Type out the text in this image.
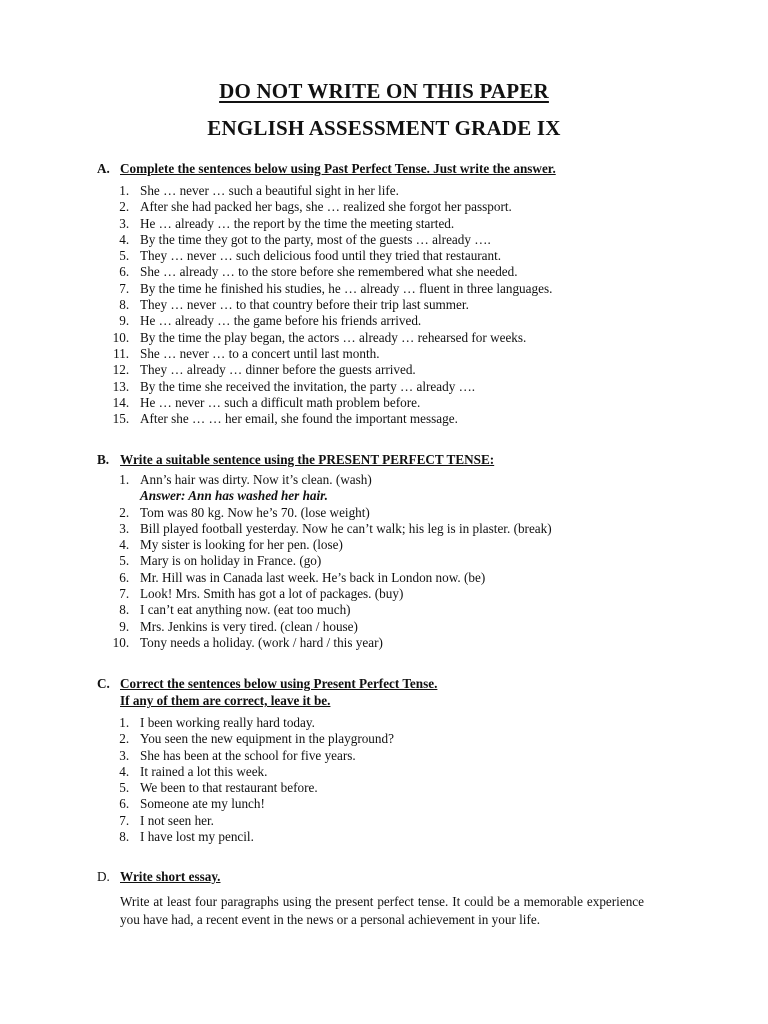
DO NOT WRITE ON THIS PAPER
ENGLISH ASSESSMENT GRADE IX
A. Complete the sentences below using Past Perfect Tense. Just write the answer.
1. She … never … such a beautiful sight in her life.
2. After she had packed her bags, she … realized she forgot her passport.
3. He … already … the report by the time the meeting started.
4. By the time they got to the party, most of the guests … already ….
5. They … never … such delicious food until they tried that restaurant.
6. She … already … to the store before she remembered what she needed.
7. By the time he finished his studies, he … already … fluent in three languages.
8. They … never … to that country before their trip last summer.
9. He … already … the game before his friends arrived.
10. By the time the play began, the actors … already … rehearsed for weeks.
11. She … never … to a concert until last month.
12. They … already … dinner before the guests arrived.
13. By the time she received the invitation, the party … already ….
14. He … never … such a difficult math problem before.
15. After she … … her email, she found the important message.
B. Write a suitable sentence using the PRESENT PERFECT TENSE:
1. Ann’s hair was dirty. Now it’s clean. (wash)
Answer: Ann has washed her hair.
2. Tom was 80 kg. Now he’s 70. (lose weight)
3. Bill played football yesterday. Now he can’t walk; his leg is in plaster. (break)
4. My sister is looking for her pen. (lose)
5. Mary is on holiday in France. (go)
6. Mr. Hill was in Canada last week. He’s back in London now. (be)
7. Look! Mrs. Smith has got a lot of packages. (buy)
8. I can’t eat anything now. (eat too much)
9. Mrs. Jenkins is very tired. (clean / house)
10. Tony needs a holiday. (work / hard / this year)
C. Correct the sentences below using Present Perfect Tense.
If any of them are correct, leave it be.
1. I been working really hard today.
2. You seen the new equipment in the playground?
3. She has been at the school for five years.
4. It rained a lot this week.
5. We been to that restaurant before.
6. Someone ate my lunch!
7. I not seen her.
8. I have lost my pencil.
D. Write short essay.
Write at least four paragraphs using the present perfect tense. It could be a memorable experience you have had, a recent event in the news or a personal achievement in your life.
